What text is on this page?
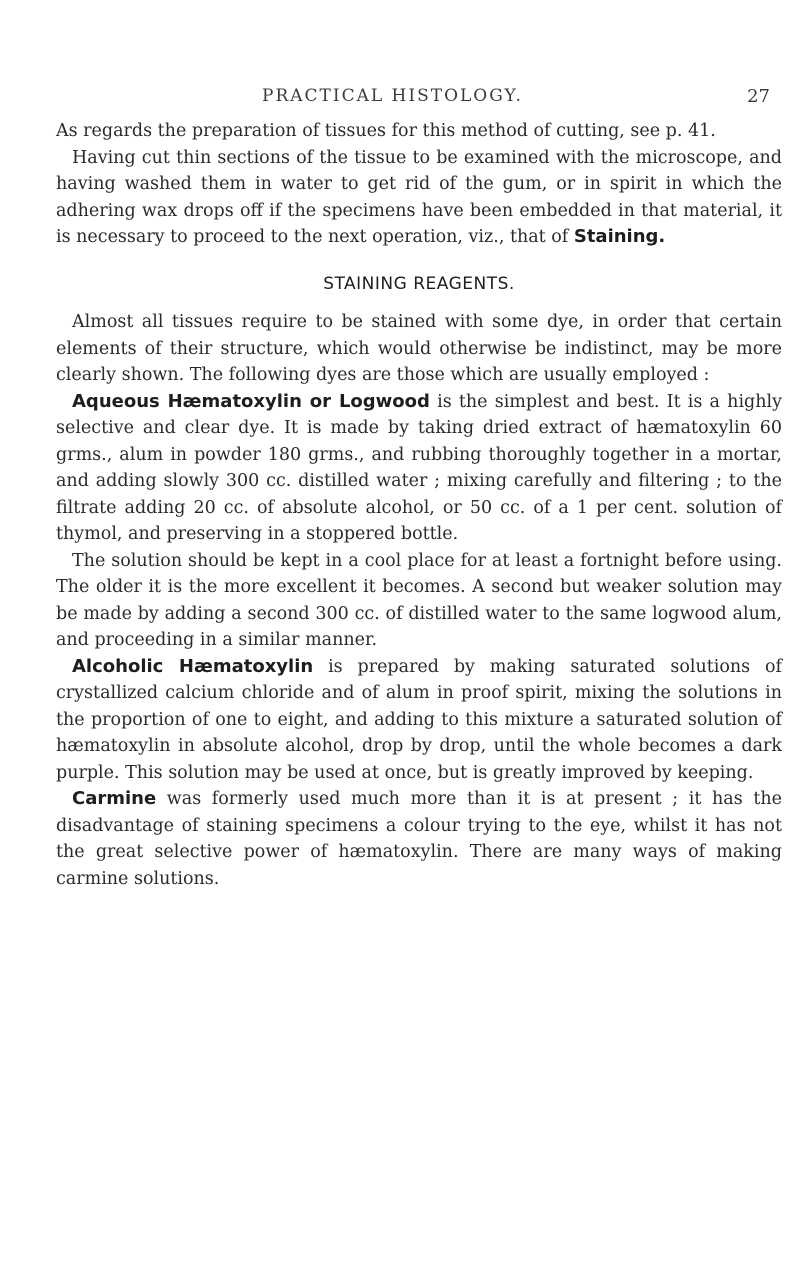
PRACTICAL HISTOLOGY.	27

As regards the preparation of tissues for this method of cutting, see p. 41.

Having cut thin sections of the tissue to be examined with the microscope, and having washed them in water to get rid of the gum, or in spirit in which the adhering wax drops off if the specimens have been embedded in that material, it is necessary to proceed to the next operation, viz., that of Staining.

STAINING REAGENTS.

Almost all tissues require to be stained with some dye, in order that certain elements of their structure, which would otherwise be indistinct, may be more clearly shown. The following dyes are those which are usually employed :

Aqueous Hæmatoxylin or Logwood is the simplest and best. It is a highly selective and clear dye. It is made by taking dried extract of hæmatoxylin 60 grms., alum in powder 180 grms., and rubbing thoroughly together in a mortar, and adding slowly 300 cc. distilled water ; mixing carefully and filtering ; to the filtrate adding 20 cc. of absolute alcohol, or 50 cc. of a 1 per cent. solution of thymol, and preserving in a stoppered bottle.

The solution should be kept in a cool place for at least a fortnight before using. The older it is the more excellent it becomes. A second but weaker solution may be made by adding a second 300 cc. of distilled water to the same logwood alum, and proceeding in a similar manner.

Alcoholic Hæmatoxylin is prepared by making saturated solutions of crystallized calcium chloride and of alum in proof spirit, mixing the solutions in the proportion of one to eight, and adding to this mixture a saturated solution of hæmatoxylin in absolute alcohol, drop by drop, until the whole becomes a dark purple. This solution may be used at once, but is greatly improved by keeping.

Carmine was formerly used much more than it is at present ; it has the disadvantage of staining specimens a colour trying to the eye, whilst it has not the great selective power of hæmatoxylin. There are many ways of making carmine solutions.
